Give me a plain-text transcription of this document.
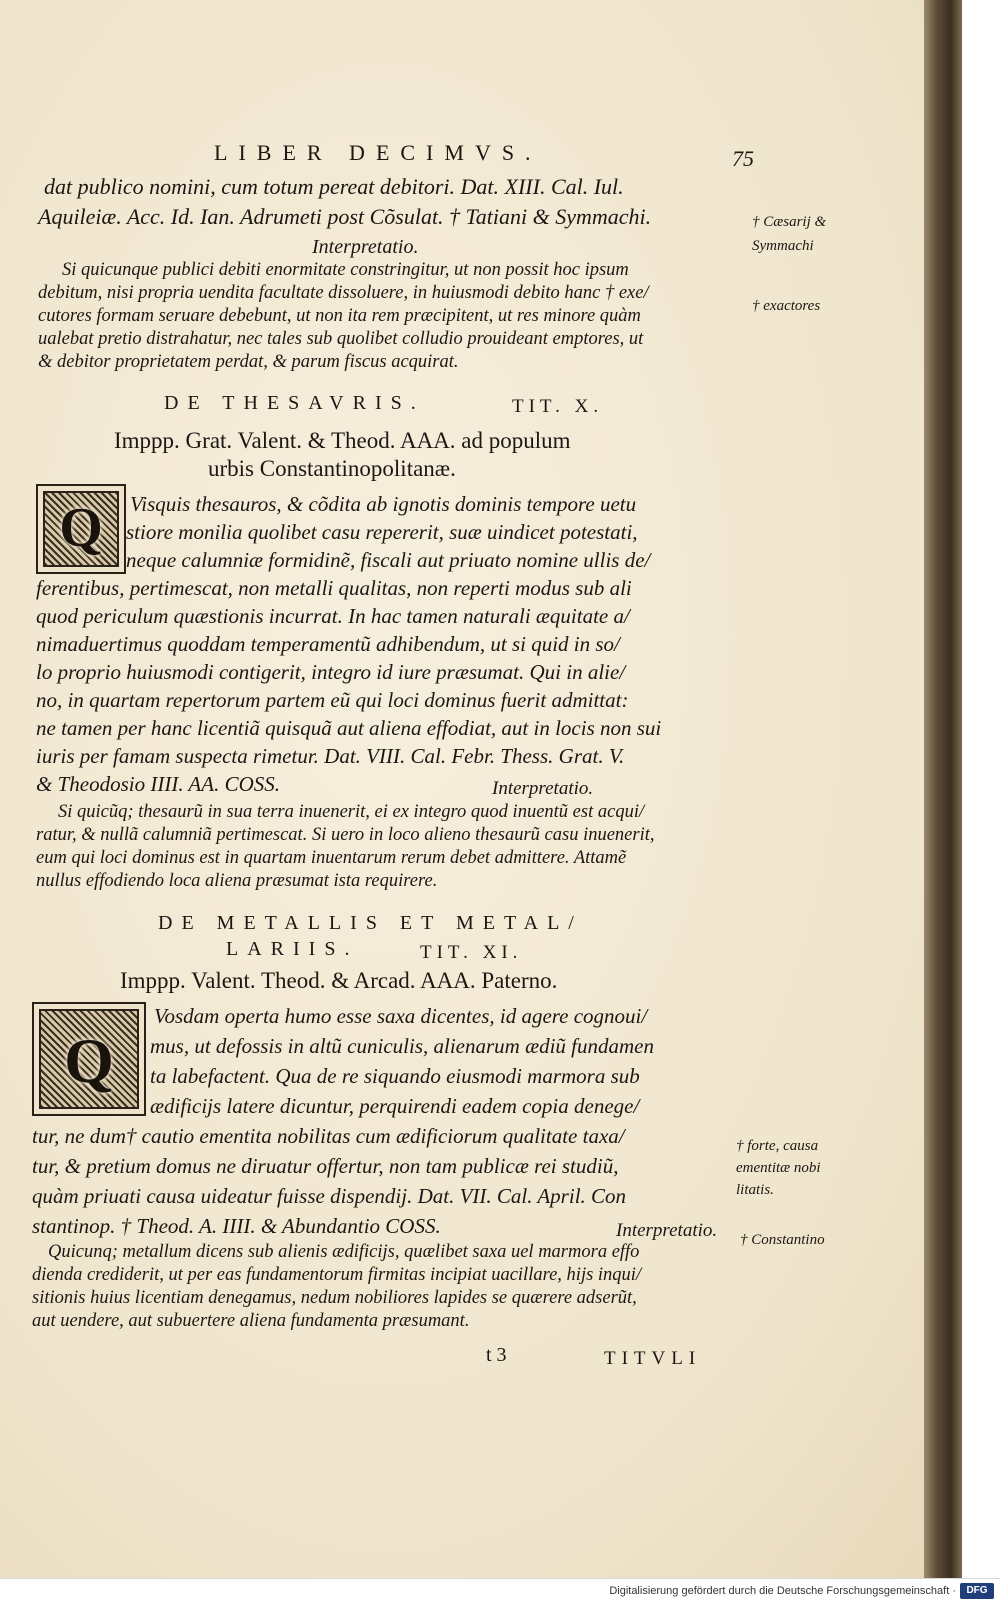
LIBER DECIMVS.	75
dat publico nomini, cum totum pereat debitori. Dat. XIII. Cal. Iul.
Aquileiæ. Acc. Id. Ian. Adrumeti post Cõsulat. † Tatiani & Symmachi.	† Cæsarij &
Symmachi
Interpretatio.
Si quicunque publici debiti enormitate constringitur, ut non possit hoc ipsum
debitum, nisi propria uendita facultate dissoluere, in huiusmodi debito hanc † exe/
† exactores
cutores formam seruare debebunt, ut non ita rem præcipitent, ut res minore quàm
ualebat pretio distrahatur, nec tales sub quolibet colludio prouideant emptores, ut
& debitor proprietatem perdat, & parum fiscus acquirat.
DE THESAVRIS.	TIT. X.
Imppp. Grat. Valent. & Theod. AAA. ad populum
urbis Constantinopolitanæ.
Q	Visquis thesauros, & cõdita ab ignotis dominis tempore uetu
stiore monilia quolibet casu repererit, suæ uindicet potestati,
neque calumniæ formidinẽ, fiscali aut priuato nomine ullis de/
ferentibus, pertimescat, non metalli qualitas, non reperti modus sub ali
quod periculum quæstionis incurrat. In hac tamen naturali æquitate a/
nimaduertimus quoddam temperamentũ adhibendum, ut si quid in so/
lo proprio huiusmodi contigerit, integro id iure præsumat. Qui in alie/
no, in quartam repertorum partem eũ qui loci dominus fuerit admittat:
ne tamen per hanc licentiã quisquã aut aliena effodiat, aut in locis non sui
iuris per famam suspecta rimetur. Dat. VIII. Cal. Febr. Thess. Grat. V.
& Theodosio IIII. AA. COSS.	Interpretatio.
Si quicũq; thesaurũ in sua terra inuenerit, ei ex integro quod inuentũ est acqui/
ratur, & nullã calumniã pertimescat. Si uero in loco alieno thesaurũ casu inuenerit,
eum qui loci dominus est in quartam inuentarum rerum debet admittere. Attamẽ
nullus effodiendo loca aliena præsumat ista requirere.
DE METALLIS ET METAL/
LARIIS.	TIT. XI.
Imppp. Valent. Theod. & Arcad. AAA. Paterno.
Q
Vosdam operta humo esse saxa dicentes, id agere cognoui/
mus, ut defossis in altũ cuniculis, alienarum ædiũ fundamen
ta labefactent. Qua de re siquando eiusmodi marmora sub
ædificijs latere dicuntur, perquirendi eadem copia denege/
tur, ne dum† cautio ementita nobilitas cum ædificiorum qualitate taxa/	† forte, causa
ementitæ nobi
litatis.
tur, & pretium domus ne diruatur offertur, non tam publicæ rei studiũ,
quàm priuati causa uideatur fuisse dispendij. Dat. VII. Cal. April. Con
stantinop. † Theod. A. IIII. & Abundantio COSS.	Interpretatio. † Constantino
Quicunq; metallum dicens sub alienis ædificijs, quælibet saxa uel marmora effo
dienda crediderit, ut per eas fundamentorum firmitas incipiat uacillare, hijs inqui/
sitionis huius licentiam denegamus, nedum nobiliores lapides se quærere adserũt,
aut uendere, aut subuertere aliena fundamenta præsumant.
t 3	TITVLI
Digitalisierung gefördert durch die Deutsche Forschungsgemeinschaft ·	DFG
